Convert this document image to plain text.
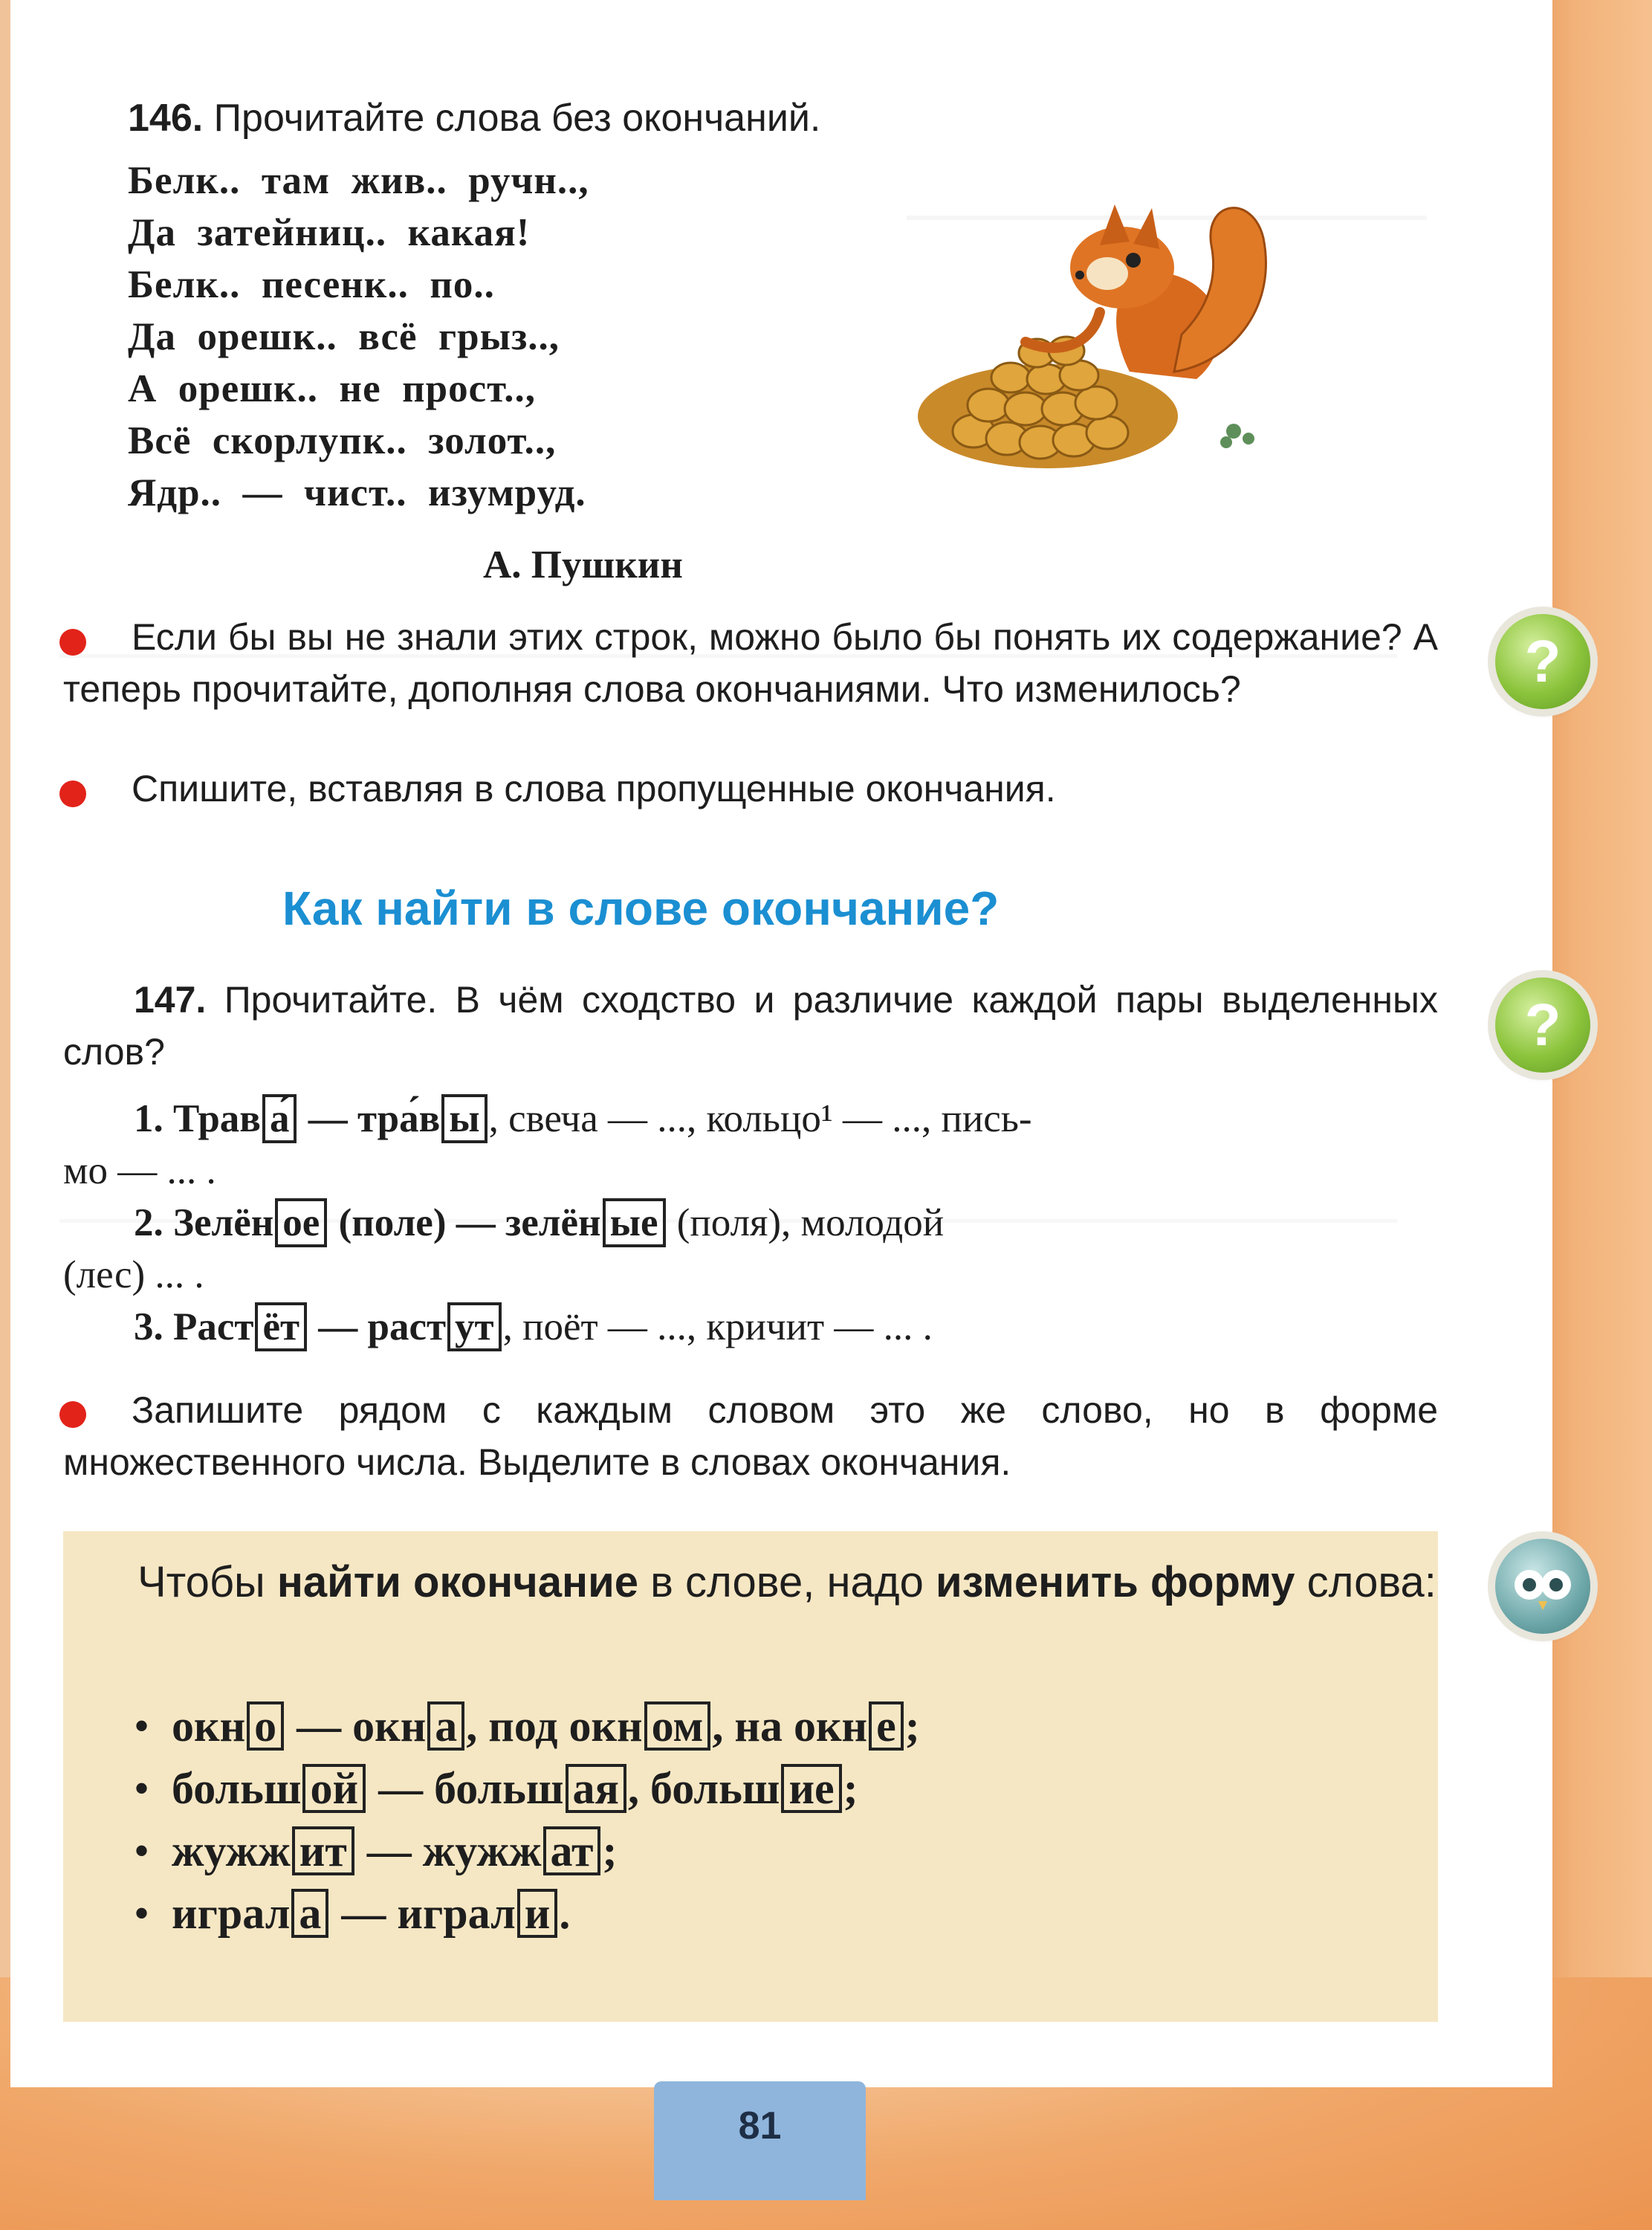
146. Прочитайте слова без окончаний.
Белк..  там  жив..  ручн..,
Да  затейниц..  какая!
Белк..  песенк..  по..
Да  орешк..  всё  грыз..,
А  орешк..  не  прост..,
Всё  скорлупк..  золот..,
Ядр..  —  чист..  изумруд.
А. Пушкин
Если бы вы не знали этих строк, можно было бы понять их содержание? А теперь прочитайте, дополняя слова окончаниями. Что изменилось?
Спишите, вставляя в слова пропущенные окончания.
Как найти в слове окончание?
147. Прочитайте. В чём сходство и различие каждой пары выделенных слов?
1. Трав а́ — тра́в ы , свеча — ..., кольцо¹ — ..., пись-
мо — ... .
2. Зелён ое (поле) — зелён ые (поля), молодой
(лес) ... .
3. Раст ёт — раст ут , поёт — ..., кричит — ... .
Запишите рядом с каждым словом это же слово, но в форме множественного числа. Выделите в словах окончания.
Чтобы найти окончание в слове, надо изменить форму слова:
•  окн о — окн а , под окн ом , на окн е ;
•  больш ой — больш ая , больш ие ;
•  жужж ит — жужж ат ;
•  играл а — играл и .
?
?
81
